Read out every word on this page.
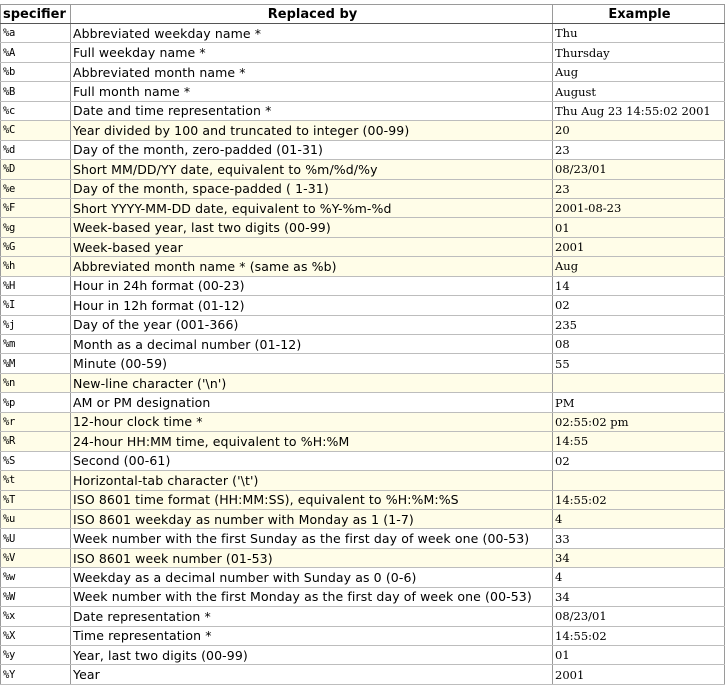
specifier	Replaced by	Example
%a	Abbreviated weekday name *	Thu
%A	Full weekday name *	Thursday
%b	Abbreviated month name *	Aug
%B	Full month name *	August
%c	Date and time representation *	Thu Aug 23 14:55:02 2001
%C	Year divided by 100 and truncated to integer (00-99)	20
%d	Day of the month, zero-padded (01-31)	23
%D	Short MM/DD/YY date, equivalent to %m/%d/%y	08/23/01
%e	Day of the month, space-padded ( 1-31)	23
%F	Short YYYY-MM-DD date, equivalent to %Y-%m-%d	2001-08-23
%g	Week-based year, last two digits (00-99)	01
%G	Week-based year	2001
%h	Abbreviated month name * (same as %b)	Aug
%H	Hour in 24h format (00-23)	14
%I	Hour in 12h format (01-12)	02
%j	Day of the year (001-366)	235
%m	Month as a decimal number (01-12)	08
%M	Minute (00-59)	55
%n	New-line character ('\n')	
%p	AM or PM designation	PM
%r	12-hour clock time *	02:55:02 pm
%R	24-hour HH:MM time, equivalent to %H:%M	14:55
%S	Second (00-61)	02
%t	Horizontal-tab character ('\t')	
%T	ISO 8601 time format (HH:MM:SS), equivalent to %H:%M:%S	14:55:02
%u	ISO 8601 weekday as number with Monday as 1 (1-7)	4
%U	Week number with the first Sunday as the first day of week one (00-53)	33
%V	ISO 8601 week number (01-53)	34
%w	Weekday as a decimal number with Sunday as 0 (0-6)	4
%W	Week number with the first Monday as the first day of week one (00-53)	34
%x	Date representation *	08/23/01
%X	Time representation *	14:55:02
%y	Year, last two digits (00-99)	01
%Y	Year	2001
